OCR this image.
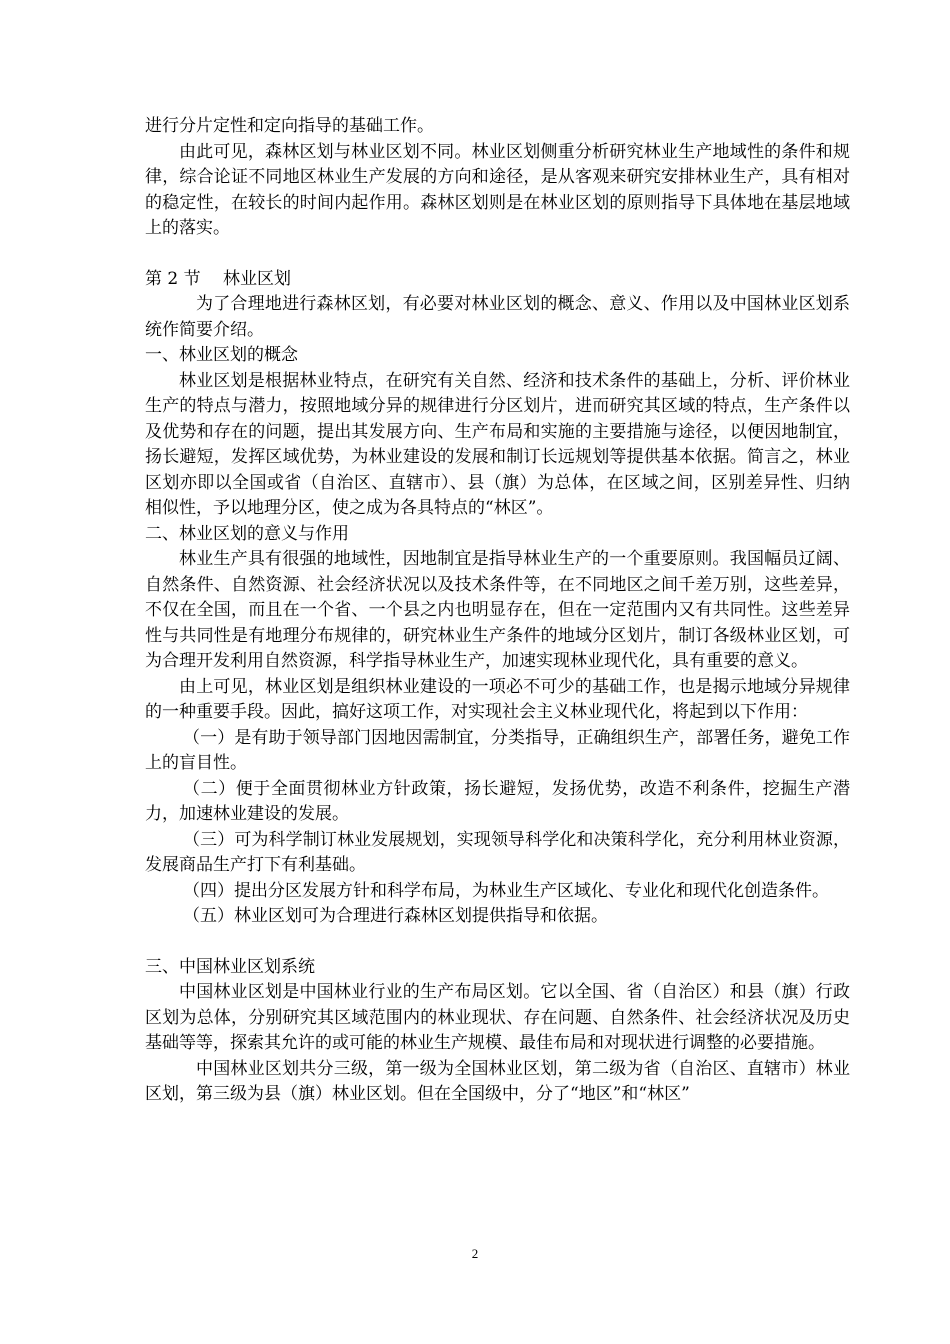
进行分片定性和定向指导的基础工作。

由此可见，森林区划与林业区划不同。林业区划侧重分析研究林业生产地域性的条件和规律，综合论证不同地区林业生产发展的方向和途径，是从客观来研究安排林业生产，具有相对的稳定性，在较长的时间内起作用。森林区划则是在林业区划的原则指导下具体地在基层地域上的落实。

第 2 节　 林业区划

为了合理地进行森林区划，有必要对林业区划的概念、意义、作用以及中国林业区划系统作简要介绍。

一、林业区划的概念

林业区划是根据林业特点，在研究有关自然、经济和技术条件的基础上，分析、评价林业生产的特点与潜力，按照地域分异的规律进行分区划片，进而研究其区域的特点，生产条件以及优势和存在的问题，提出其发展方向、生产布局和实施的主要措施与途径，以便因地制宜，扬长避短，发挥区域优势，为林业建设的发展和制订长远规划等提供基本依据。简言之，林业区划亦即以全国或省（自治区、直辖市）、县（旗）为总体，在区域之间，区别差异性、归纳相似性，予以地理分区，使之成为各具特点的“林区”。

二、林业区划的意义与作用

林业生产具有很强的地域性，因地制宜是指导林业生产的一个重要原则。我国幅员辽阔、自然条件、自然资源、社会经济状况以及技术条件等，在不同地区之间千差万别，这些差异，不仅在全国，而且在一个省、一个县之内也明显存在，但在一定范围内又有共同性。这些差异性与共同性是有地理分布规律的，研究林业生产条件的地域分区划片，制订各级林业区划，可为合理开发利用自然资源，科学指导林业生产，加速实现林业现代化，具有重要的意义。

由上可见，林业区划是组织林业建设的一项必不可少的基础工作，也是揭示地域分异规律的一种重要手段。因此，搞好这项工作，对实现社会主义林业现代化，将起到以下作用：

（一）是有助于领导部门因地因需制宜，分类指导，正确组织生产，部署任务，避免工作上的盲目性。

（二）便于全面贯彻林业方针政策，扬长避短，发扬优势，改造不利条件，挖掘生产潜力，加速林业建设的发展。

（三）可为科学制订林业发展规划，实现领导科学化和决策科学化，充分利用林业资源，发展商品生产打下有利基础。

（四）提出分区发展方针和科学布局，为林业生产区域化、专业化和现代化创造条件。

（五）林业区划可为合理进行森林区划提供指导和依据。

三、中国林业区划系统

中国林业区划是中国林业行业的生产布局区划。它以全国、省（自治区）和县（旗）行政区划为总体，分别研究其区域范围内的林业现状、存在问题、自然条件、社会经济状况及历史基础等等，探索其允许的或可能的林业生产规模、最佳布局和对现状进行调整的必要措施。

中国林业区划共分三级，第一级为全国林业区划，第二级为省（自治区、直辖市）林业区划，第三级为县（旗）林业区划。但在全国级中，分了“地区”和“林区”

2
